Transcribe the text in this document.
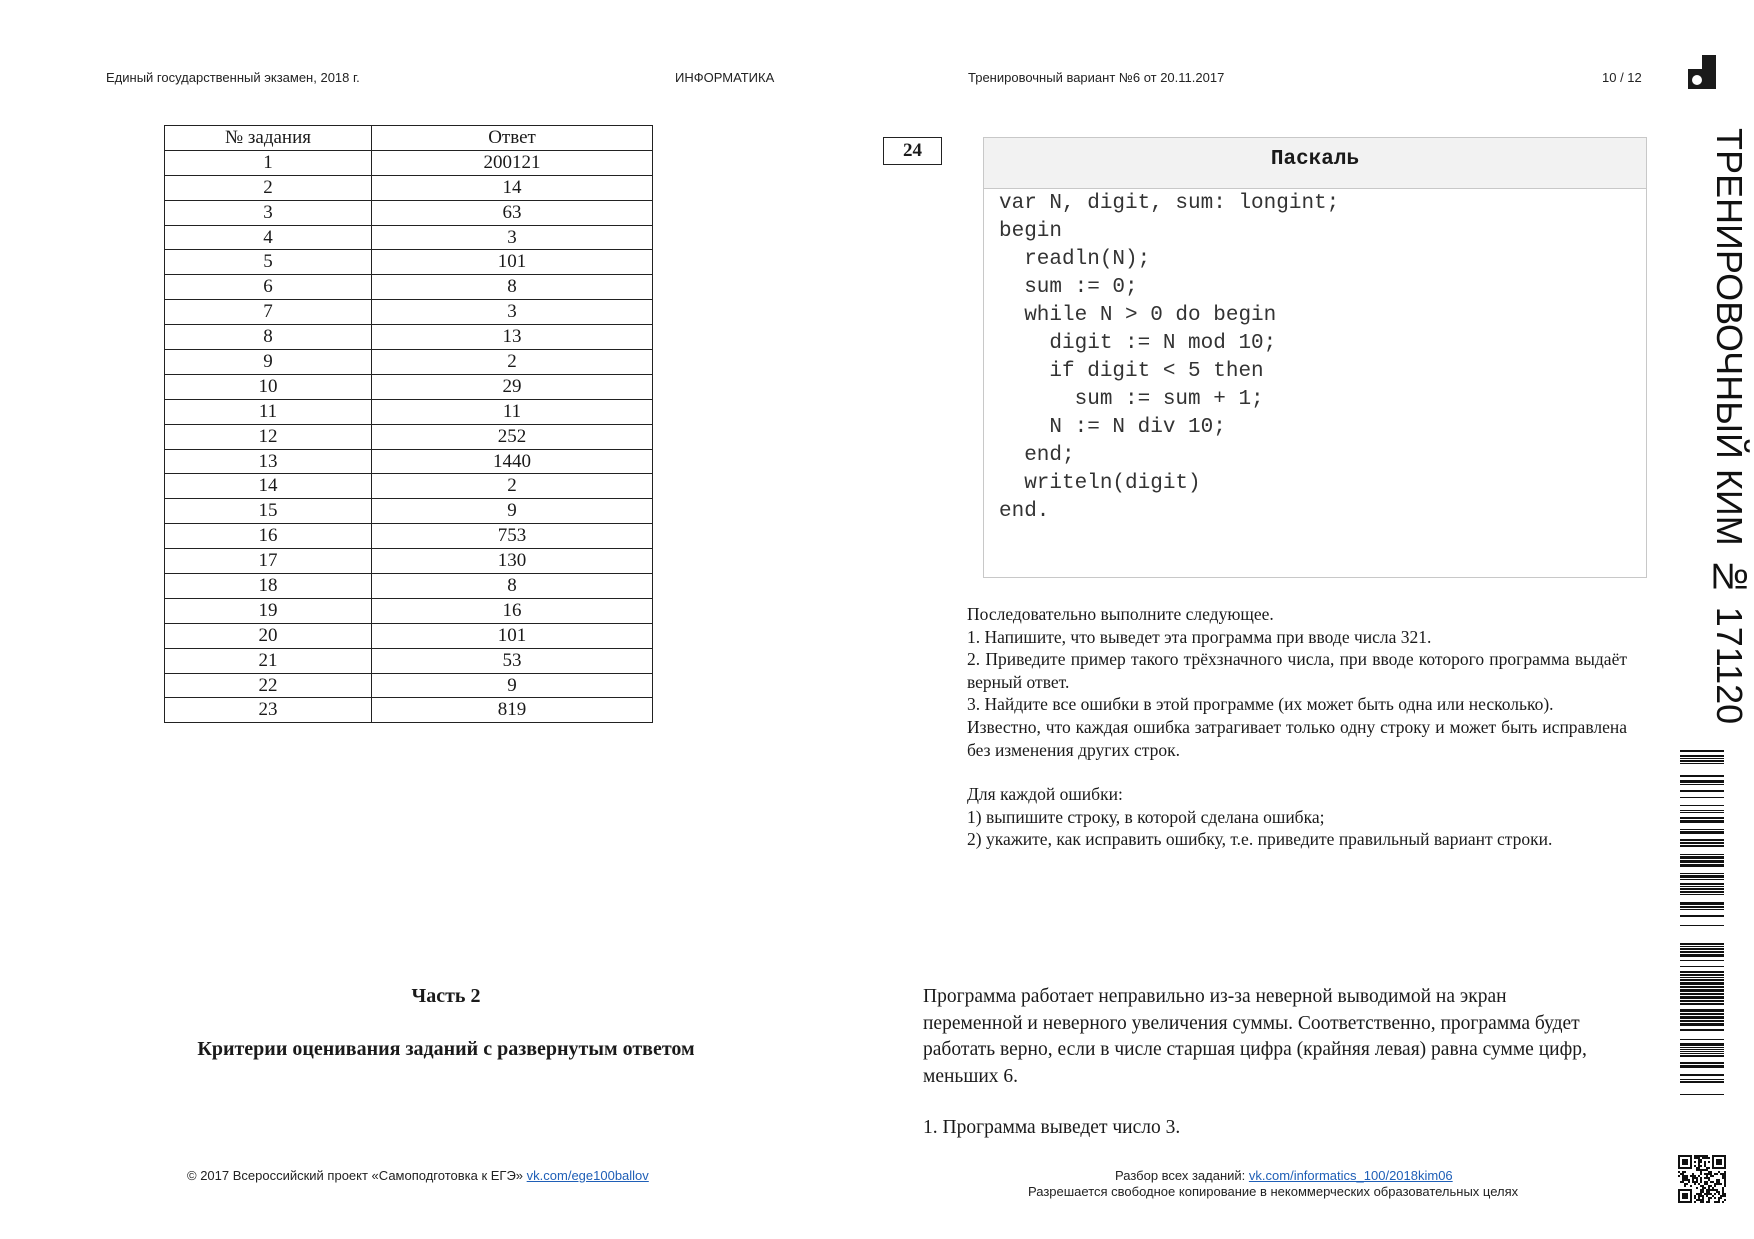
Единый государственный экзамен, 2018 г.	ИНФОРМАТИКА	Тренировочный вариант №6 от 20.11.2017	10 / 12
№ задания	Ответ
1	200121
2	14
3	63
4	3
5	101
6	8
7	3
8	13
9	2
10	29
11	11
12	252
13	1440
14	2
15	9
16	753
17	130
18	8
19	16
20	101
21	53
22	9
23	819
24	Паскаль
var N, digit, sum: longint;
begin
readln(N);
sum := 0;
while N > 0 do begin
digit := N mod 10;
if digit < 5 then
sum := sum + 1;
N := N div 10;
end;
writeln(digit)
end.

Последовательно выполните следующее.

1. Напишите, что выведет эта программа при вводе числа 321.

2. Приведите пример такого трёхзначного числа, при вводе которого программа выдаёт верный ответ.

3. Найдите все ошибки в этой программе (их может быть одна или несколько).

Известно, что каждая ошибка затрагивает только одну строку и может быть исправлена без изменения других строк.

Для каждой ошибки:

1) выпишите строку, в которой сделана ошибка;

2) укажите, как исправить ошибку, т.е. приведите правильный вариант строки.

Часть 2
Критерии оценивания заданий с развернутым ответом
Программа работает неправильно из-за неверной выводимой на экран переменной и неверного увеличения суммы. Соответственно, программа будет работать верно, если в числе старшая цифра (крайняя левая) равна сумме цифр, меньших 6.
1. Программа выведет число 3.
© 2017 Всероссийский проект «Самоподготовка к ЕГЭ» vk.com/ege100ballov	Разбор всех заданий: vk.com/informatics_100/2018kim06
Разрешается свободное копирование в некоммерческих образовательных целях
ТРЕНИРОВОЧНЫЙ КИМ № 171120
